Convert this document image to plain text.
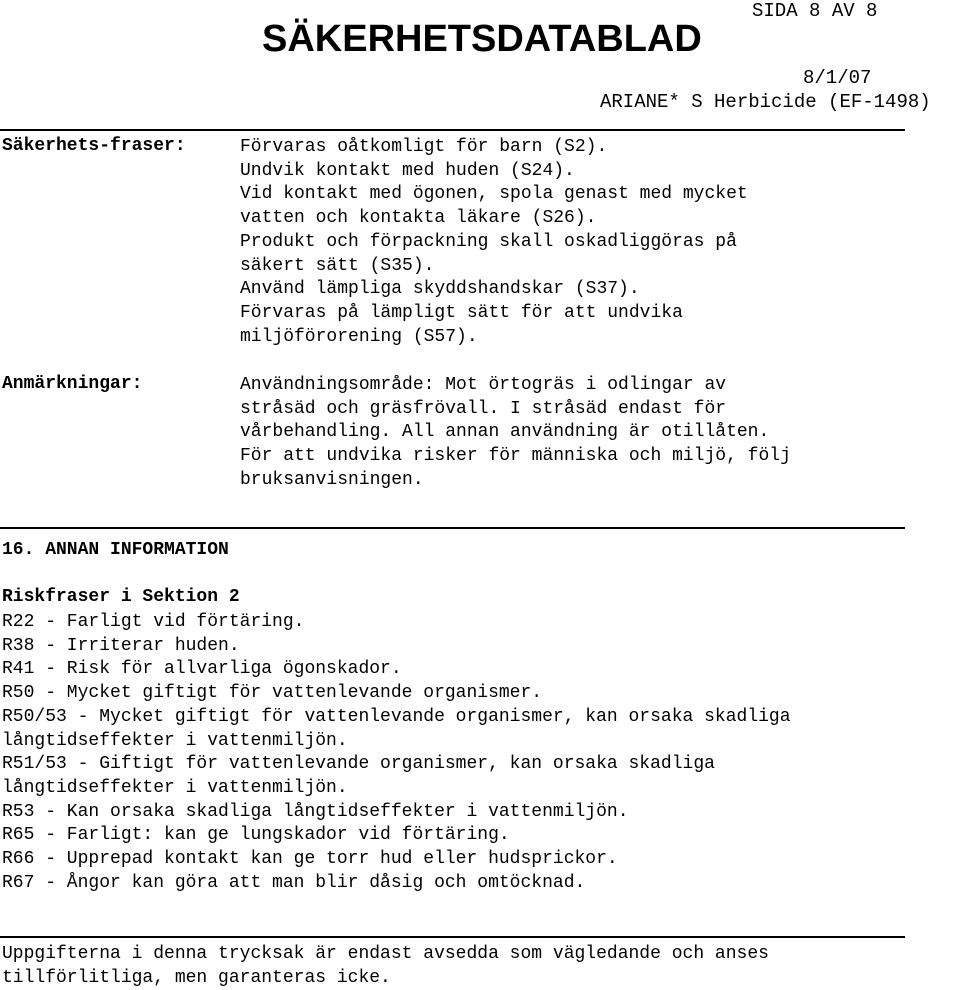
SÄKERHETSDATABLAD
SIDA 8 AV 8
8/1/07
ARIANE* S Herbicide (EF-1498)
Säkerhets-fraser:	Förvaras oåtkomligt för barn (S2).
Undvik kontakt med huden (S24).
Vid kontakt med ögonen, spola genast med mycket
vatten och kontakta läkare (S26).
Produkt och förpackning skall oskadliggöras på
säkert sätt (S35).
Använd lämpliga skyddshandskar (S37).
Förvaras på lämpligt sätt för att undvika
miljöförorening (S57).
Anmärkningar:	Användningsområde: Mot örtogräs i odlingar av
stråsäd och gräsfrövall. I stråsäd endast för
vårbehandling. All annan användning är otillåten.
För att undvika risker för människa och miljö, följ
bruksanvisningen.
16. ANNAN INFORMATION
Riskfraser i Sektion 2
R22 - Farligt vid förtäring.
R38 - Irriterar huden.
R41 - Risk för allvarliga ögonskador.
R50 - Mycket giftigt för vattenlevande organismer.
R50/53 - Mycket giftigt för vattenlevande organismer, kan orsaka skadliga
långtidseffekter i vattenmiljön.
R51/53 - Giftigt för vattenlevande organismer, kan orsaka skadliga
långtidseffekter i vattenmiljön.
R53 - Kan orsaka skadliga långtidseffekter i vattenmiljön.
R65 - Farligt: kan ge lungskador vid förtäring.
R66 - Upprepad kontakt kan ge torr hud eller hudsprickor.
R67 - Ångor kan göra att man blir dåsig och omtöcknad.
Uppgifterna i denna trycksak är endast avsedda som vägledande och anses
tillförlitliga, men garanteras icke.
